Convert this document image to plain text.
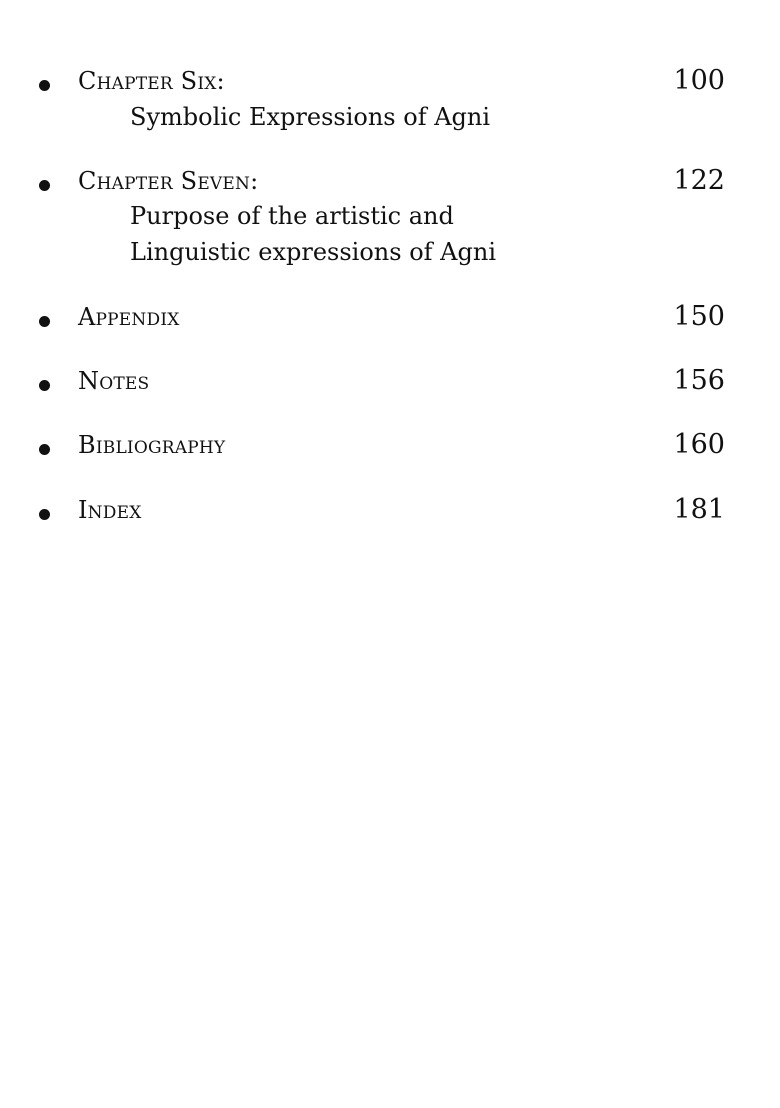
Chapter Six:	100
Symbolic Expressions of Agni
Chapter Seven:	122
Purpose of the artistic and
Linguistic expressions of Agni
Appendix	150
Notes	156
Bibliography	160
Index	181
